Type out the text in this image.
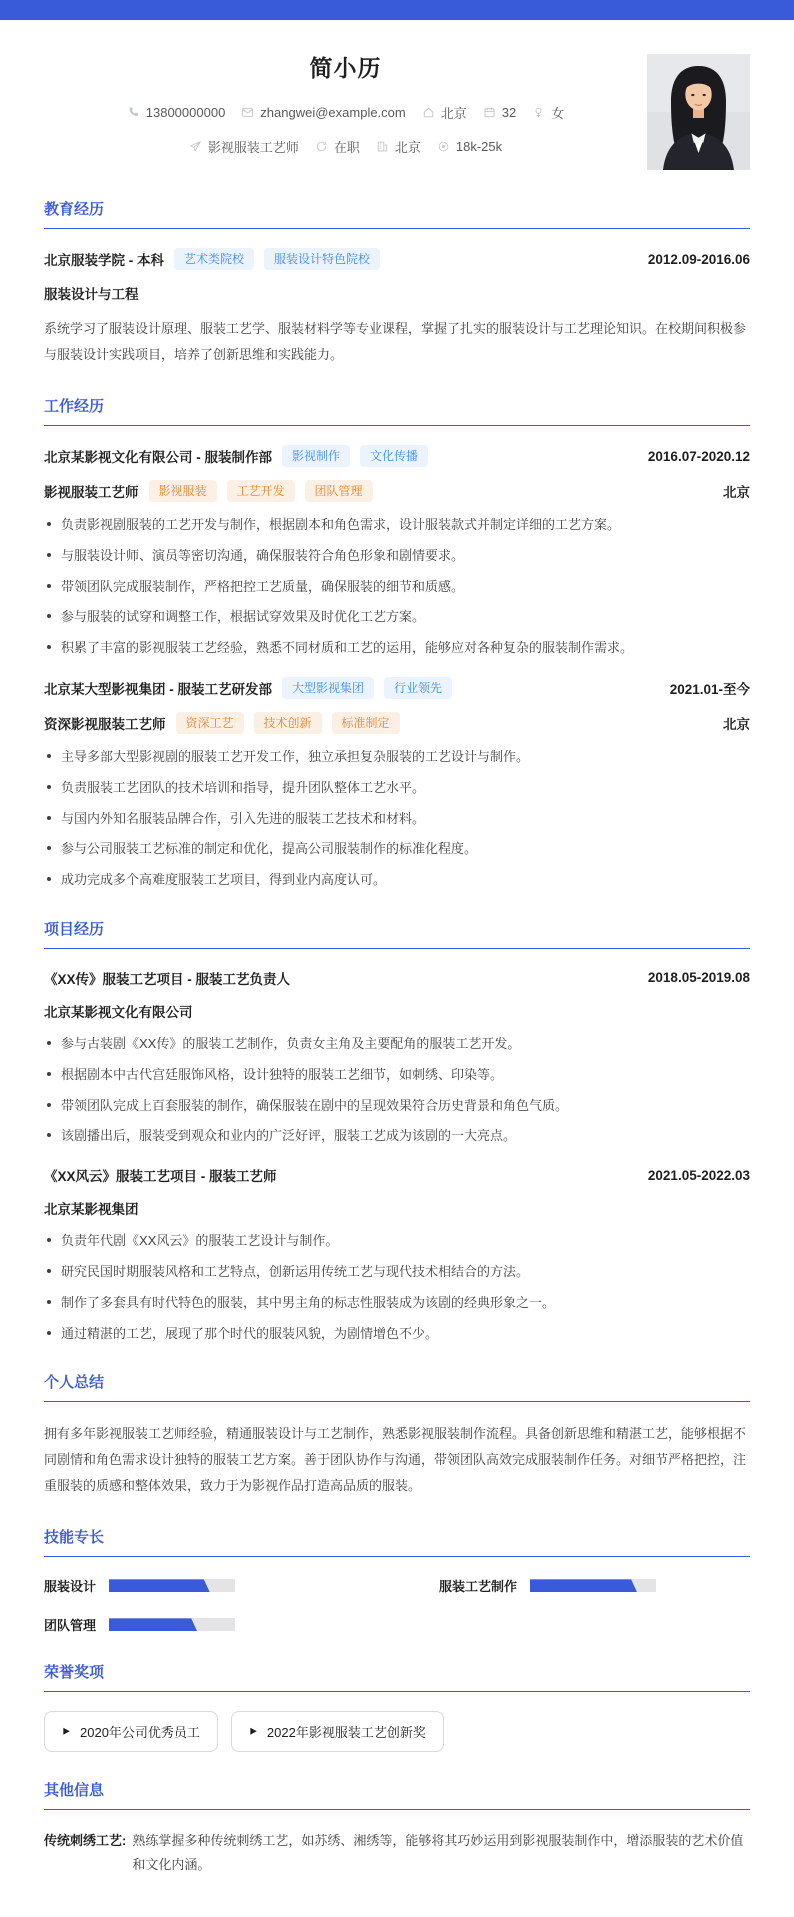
简小历
13800000000	zhangwei@example.com	北京	32	女
影视服装工艺师	在职	北京	18k-25k
教育经历
北京服装学院 - 本科	艺术类院校	服装设计特色院校	2012.09-2016.06
服装设计与工程

系统学习了服装设计原理、服装工艺学、服装材料学等专业课程，掌握了扎实的服装设计与工艺理论知识。在校期间积极参与服装设计实践项目，培养了创新思维和实践能力。

工作经历
北京某影视文化有限公司 - 服装制作部	影视制作	文化传播	2016.07-2020.12
影视服装工艺师	影视服装	工艺开发	团队管理	北京
负责影视剧服装的工艺开发与制作，根据剧本和角色需求，设计服装款式并制定详细的工艺方案。
与服装设计师、演员等密切沟通，确保服装符合角色形象和剧情要求。
带领团队完成服装制作，严格把控工艺质量，确保服装的细节和质感。
参与服装的试穿和调整工作，根据试穿效果及时优化工艺方案。
积累了丰富的影视服装工艺经验，熟悉不同材质和工艺的运用，能够应对各种复杂的服装制作需求。
北京某大型影视集团 - 服装工艺研发部	大型影视集团	行业领先	2021.01-至今
资深影视服装工艺师	资深工艺	技术创新	标准制定	北京
主导多部大型影视剧的服装工艺开发工作，独立承担复杂服装的工艺设计与制作。
负责服装工艺团队的技术培训和指导，提升团队整体工艺水平。
与国内外知名服装品牌合作，引入先进的服装工艺技术和材料。
参与公司服装工艺标准的制定和优化，提高公司服装制作的标准化程度。
成功完成多个高难度服装工艺项目，得到业内高度认可。
项目经历
《XX传》服装工艺项目 - 服装工艺负责人	2018.05-2019.08
北京某影视文化有限公司
参与古装剧《XX传》的服装工艺制作，负责女主角及主要配角的服装工艺开发。
根据剧本中古代宫廷服饰风格，设计独特的服装工艺细节，如刺绣、印染等。
带领团队完成上百套服装的制作，确保服装在剧中的呈现效果符合历史背景和角色气质。
该剧播出后，服装受到观众和业内的广泛好评，服装工艺成为该剧的一大亮点。
《XX风云》服装工艺项目 - 服装工艺师	2021.05-2022.03
北京某影视集团
负责年代剧《XX风云》的服装工艺设计与制作。
研究民国时期服装风格和工艺特点，创新运用传统工艺与现代技术相结合的方法。
制作了多套具有时代特色的服装，其中男主角的标志性服装成为该剧的经典形象之一。
通过精湛的工艺，展现了那个时代的服装风貌，为剧情增色不少。
个人总结

拥有多年影视服装工艺师经验，精通服装设计与工艺制作，熟悉影视服装制作流程。具备创新思维和精湛工艺，能够根据不同剧情和角色需求设计独特的服装工艺方案。善于团队协作与沟通，带领团队高效完成服装制作任务。对细节严格把控，注重服装的质感和整体效果，致力于为影视作品打造高品质的服装。

技能专长
服装设计	服装工艺制作
团队管理
荣誉奖项
2020年公司优秀员工	2022年影视服装工艺创新奖
其他信息
传统刺绣工艺: 熟练掌握多种传统刺绣工艺，如苏绣、湘绣等，能够将其巧妙运用到影视服装制作中，增添服装的艺术价值和文化内涵。
